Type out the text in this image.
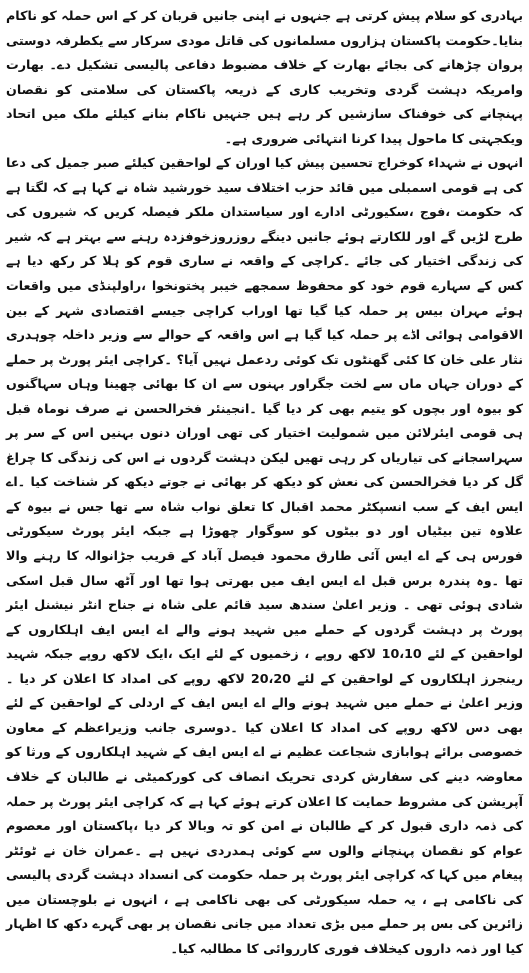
بہادری کو سلام پیش کرتی ہے جنہوں نے اپنی جانیں قربان کر کے اس حملہ کو ناکام بنایا۔حکومت پاکستان ہزاروں مسلمانوں کی قاتل مودی سرکار سے یکطرفہ دوستی پروان چڑھانے کی بجائے بھارت کے خلاف مضبوط دفاعی پالیسی تشکیل دے۔ بھارت وامریکہ دہشت گردی وتخریب کاری کے ذریعہ پاکستان کی سلامتی کو نقصان پہنچانے کی خوفناک سازشیں کر رہے ہیں جنہیں ناکام بنانے کیلئے ملک میں اتحاد ویکجہتی کا ماحول پیدا کرنا انتہائی ضروری ہے۔

انہوں نے شہداء کوخراج تحسین پیش کیا اوران کے لواحقین کیلئے صبر جمیل کی دعا کی ہے قومی اسمبلی میں قائد حزب اختلاف سید خورشید شاہ نے کہا ہے کہ لگتا ہے کہ حکومت ،فوج ،سکیورٹی ادارے اور سیاستدان ملکر فیصلہ کریں کہ شیروں کی طرح لڑیں گے اور للکارتے ہوئے جانیں دینگے روزروزخوفزدہ رہنے سے بہتر ہے کہ شیر کی زندگی اختیار کی جائے ۔کراچی کے واقعہ نے ساری قوم کو ہلا کر رکھ دیا ہے کس کے سہارے قوم خود کو محفوظ سمجھے خیبر پختونخوا ،راولپنڈی میں واقعات ہوئے مہران بیس پر حملہ کیا گیا تھا اوراب کراچی جیسے اقتصادی شہر کے بین الاقوامی ہوائی اڈے پر حملہ کیا گیا ہے اس واقعہ کے حوالے سے وزیر داخلہ چوہدری نثار علی خان کا کئی گھنٹوں تک کوئی ردعمل نہیں آیا؟ ۔کراچی ایئر پورٹ پر حملے کے دوران جہاں ماں سے لخت جگراور بہنوں سے ان کا بھائی چھینا وہاں سہاگنوں کو بیوہ اور بچوں کو یتیم بھی کر دیا گیا ۔انجینئر فخرالحسن نے صرف نوماہ قبل ہی قومی ایئرلائن میں شمولیت اختیار کی تھی اوران دنوں بہنیں اس کے سر پر سہراسجانے کی تیاریاں کر رہی تھیں لیکن دہشت گردوں نے اس کی زندگی کا چراغ گل کر دیا فخرالحسن کی نعش کو دیکھ کر بھائی نے جوتے دیکھ کر شناخت کیا ۔اے ایس ایف کے سب انسپکٹر محمد اقبال کا تعلق نواب شاہ سے تھا جس نے بیوہ کے علاوہ تین بیٹیاں اور دو بیٹوں کو سوگوار چھوڑا ہے جبکہ ایئر پورٹ سیکورٹی فورس ہی کے اے ایس آئی طارق محمود فیصل آباد کے قریب جڑانوالہ کا رہنے والا تھا ۔وہ پندرہ برس قبل اے ایس ایف میں بھرتی ہوا تھا اور آٹھ سال قبل اسکی شادی ہوئی تھی ۔ وزیر اعلیٰ سندھ سید قائم علی شاہ نے جناح انٹر نیشنل ایئر پورٹ پر دہشت گردوں کے حملے میں شہید ہونے والے اے ایس ایف اہلکاروں کے لواحقین کے لئے 10،10 لاکھ روپے ، زخمیوں کے لئے ایک ،ایک لاکھ روپے جبکہ شہید رینجرز اہلکاروں کے لواحقین کے لئے 20،20 لاکھ روپے کی امداد کا اعلان کر دیا ۔وزیر اعلیٰ نے حملے میں شہید ہونے والے اے ایس ایف کے اردلی کے لواحقین کے لئے بھی دس لاکھ روپے کی امداد کا اعلان کیا ۔دوسری جانب وزیراعظم کے معاون خصوصی برائے ہوابازی شجاعت عظیم نے اے ایس ایف کے شہید اہلکاروں کے ورثا کو معاوضہ دینے کی سفارش کردی تحریک انصاف کی کورکمیٹی نے طالبان کے خلاف آپریشن کی مشروط حمایت کا اعلان کرتے ہوئے کہا ہے کہ کراچی ایئر پورٹ پر حملہ کی ذمہ داری قبول کر کے طالبان نے امن کو تہ وبالا کر دیا ،پاکستان اور معصوم عوام کو نقصان پہنچانے والوں سے کوئی ہمدردی نہیں ہے ۔عمران خان نے ٹوئٹر پیغام میں کہا کہ کراچی ایئر پورٹ پر حملہ حکومت کی انسداد دہشت گردی پالیسی کی ناکامی ہے ، یہ حملہ سیکورٹی کی بھی ناکامی ہے ، انہوں نے بلوچستان میں زائرین کی بس پر حملے میں بڑی تعداد میں جانی نقصان پر بھی گہرے دکھ کا اظہار کیا اور ذمہ داروں کیخلاف فوری کارروائی کا مطالبہ کیا۔
